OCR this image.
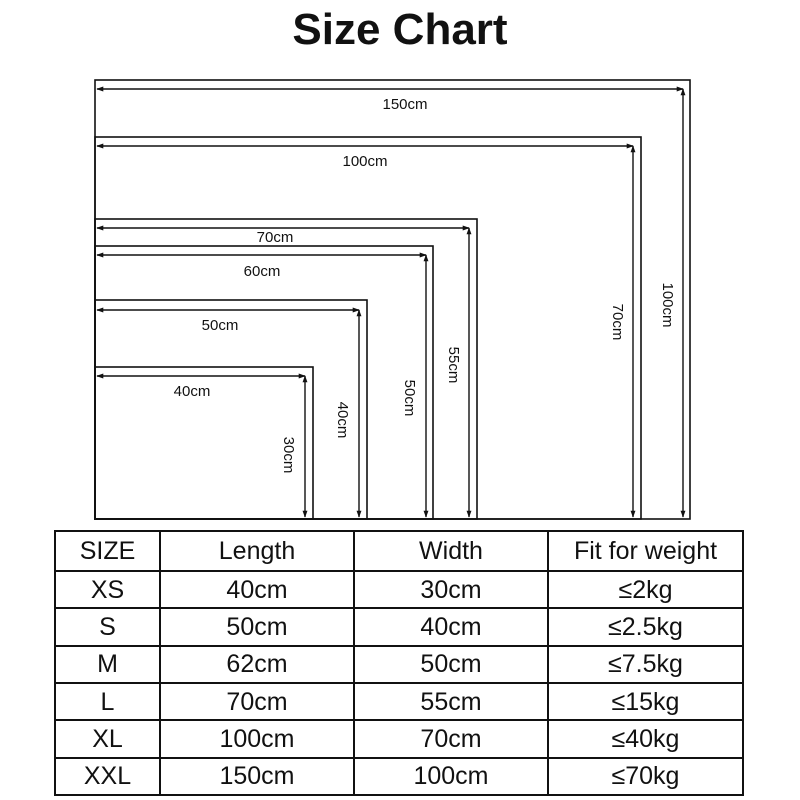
Size Chart
150cm
100cm
100cm
70cm
70cm
55cm
60cm
50cm
50cm
40cm
40cm
30cm
SIZE	Length	Width	Fit for weight
XS	40cm	30cm	≤2kg
S	50cm	40cm	≤2.5kg
M	62cm	50cm	≤7.5kg
L	70cm	55cm	≤15kg
XL	100cm	70cm	≤40kg
XXL	150cm	100cm	≤70kg
